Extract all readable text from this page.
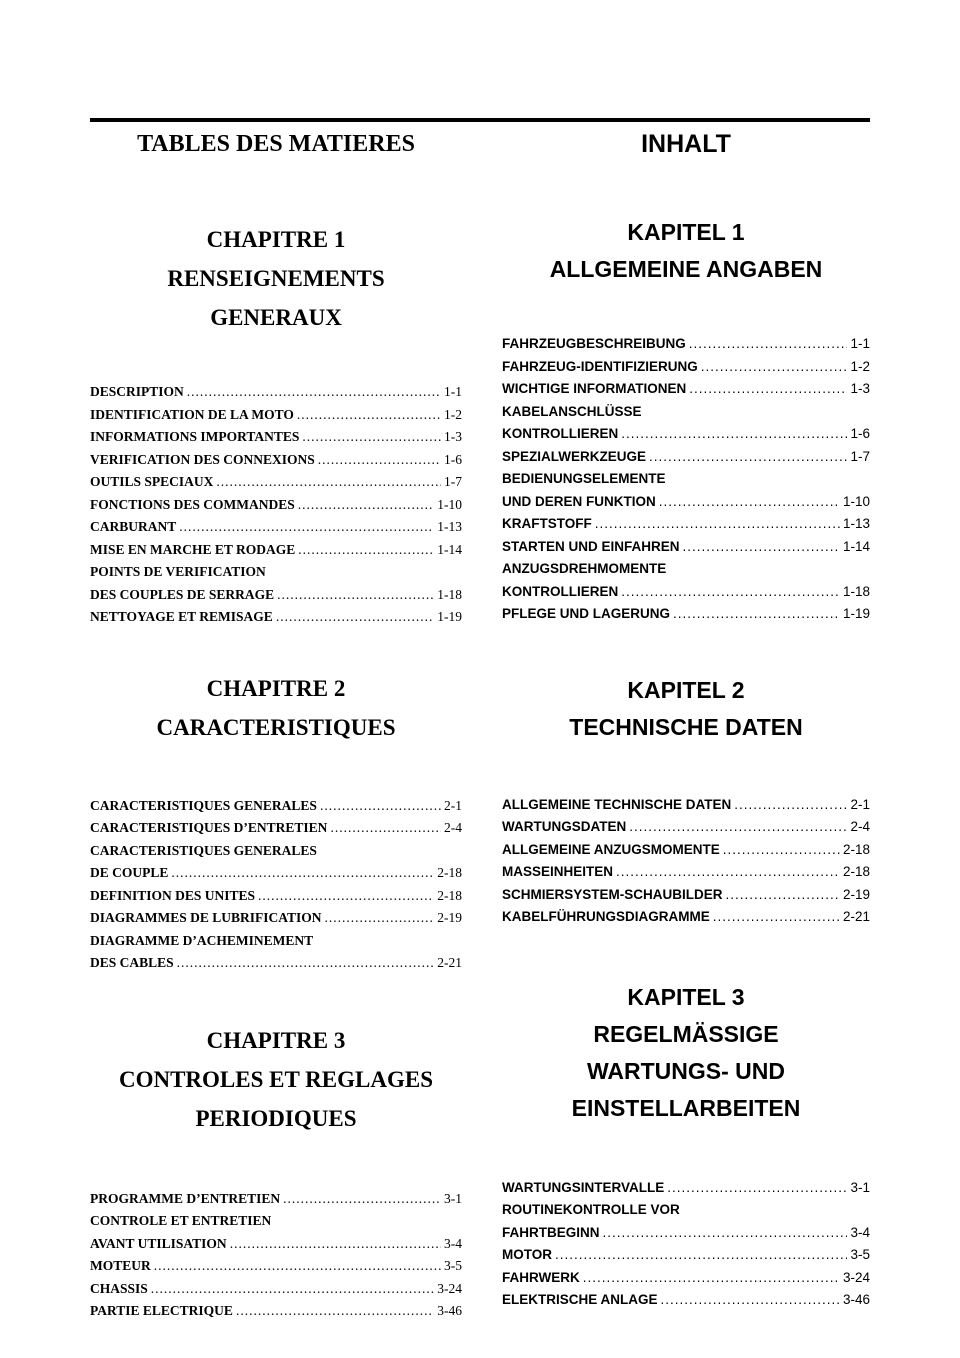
TABLES DES MATIERES
CHAPITRE 1
RENSEIGNEMENTS
GENERAUX
DESCRIPTION .....	1-1
IDENTIFICATION DE LA MOTO .....	1-2
INFORMATIONS IMPORTANTES .....	1-3
VERIFICATION DES CONNEXIONS .....	1-6
OUTILS SPECIAUX .....	1-7
FONCTIONS DES COMMANDES .....	1-10
CARBURANT .....	1-13
MISE EN MARCHE ET RODAGE .....	1-14
POINTS DE VERIFICATION
DES COUPLES DE SERRAGE .....	1-18
NETTOYAGE ET REMISAGE .....	1-19
CHAPITRE 2
CARACTERISTIQUES
CARACTERISTIQUES GENERALES .....	2-1
CARACTERISTIQUES D’ENTRETIEN .....	2-4
CARACTERISTIQUES GENERALES
DE COUPLE .....	2-18
DEFINITION DES UNITES .....	2-18
DIAGRAMMES DE LUBRIFICATION .....	2-19
DIAGRAMME D’ACHEMINEMENT
DES CABLES .....	2-21
CHAPITRE 3
CONTROLES ET REGLAGES
PERIODIQUES
PROGRAMME D’ENTRETIEN .....	3-1
CONTROLE ET ENTRETIEN
AVANT UTILISATION .....	3-4
MOTEUR .....	3-5
CHASSIS .....	3-24
PARTIE ELECTRIQUE .....	3-46
INHALT
KAPITEL 1
ALLGEMEINE ANGABEN
FAHRZEUGBESCHREIBUNG .....	1-1
FAHRZEUG-IDENTIFIZIERUNG .....	1-2
WICHTIGE INFORMATIONEN .....	1-3
KABELANSCHLÜSSE
KONTROLLIEREN .....	1-6
SPEZIALWERKZEUGE .....	1-7
BEDIENUNGSELEMENTE
UND DEREN FUNKTION .....	1-10
KRAFTSTOFF .....	1-13
STARTEN UND EINFAHREN .....	1-14
ANZUGSDREHMOMENTE
KONTROLLIEREN .....	1-18
PFLEGE UND LAGERUNG .....	1-19
KAPITEL 2
TECHNISCHE DATEN
ALLGEMEINE TECHNISCHE DATEN .....	2-1
WARTUNGSDATEN .....	2-4
ALLGEMEINE ANZUGSMOMENTE .....	2-18
MASSEINHEITEN .....	2-18
SCHMIERSYSTEM-SCHAUBILDER .....	2-19
KABELFÜHRUNGSDIAGRAMME .....	2-21
KAPITEL 3
REGELMÄSSIGE
WARTUNGS- UND
EINSTELLARBEITEN
WARTUNGSINTERVALLE .....	3-1
ROUTINEKONTROLLE VOR
FAHRTBEGINN .....	3-4
MOTOR .....	3-5
FAHRWERK .....	3-24
ELEKTRISCHE ANLAGE .....	3-46
